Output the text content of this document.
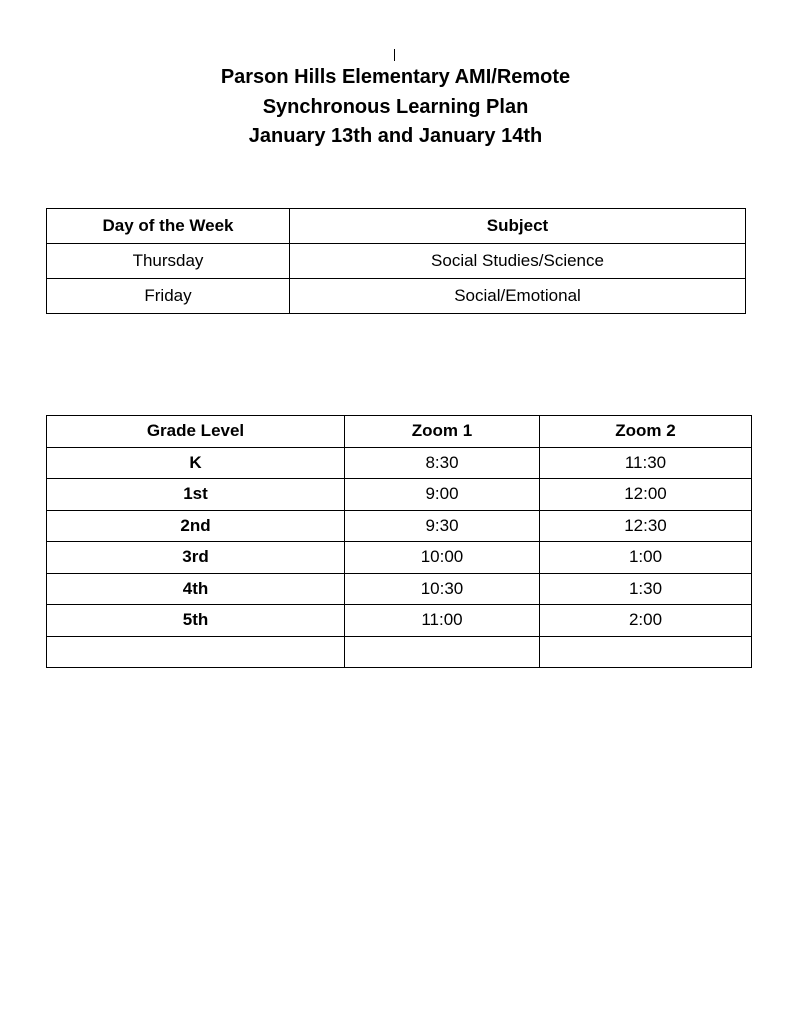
Parson Hills Elementary AMI/Remote
Synchronous Learning Plan
January 13th and January 14th
Day of the Week	Subject
Thursday	Social Studies/Science
Friday	Social/Emotional
Grade Level	Zoom 1	Zoom 2
K	8:30	11:30
1st	9:00	12:00
2nd	9:30	12:30
3rd	10:00	1:00
4th	10:30	1:30
5th	11:00	2:00
